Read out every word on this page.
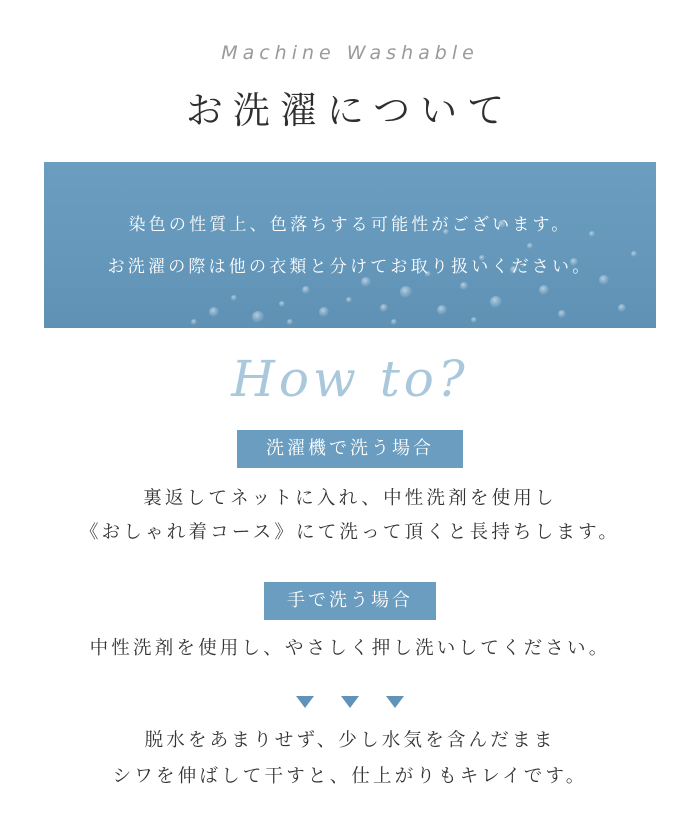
Machine Washable
お洗濯について
染色の性質上、色落ちする可能性がございます。
お洗濯の際は他の衣類と分けてお取り扱いください。
How to?
洗濯機で洗う場合
裏返してネットに入れ、中性洗剤を使用し
《おしゃれ着コース》にて洗って頂くと長持ちします。
手で洗う場合
中性洗剤を使用し、やさしく押し洗いしてください。
脱水をあまりせず、少し水気を含んだまま
シワを伸ばして干すと、仕上がりもキレイです。
